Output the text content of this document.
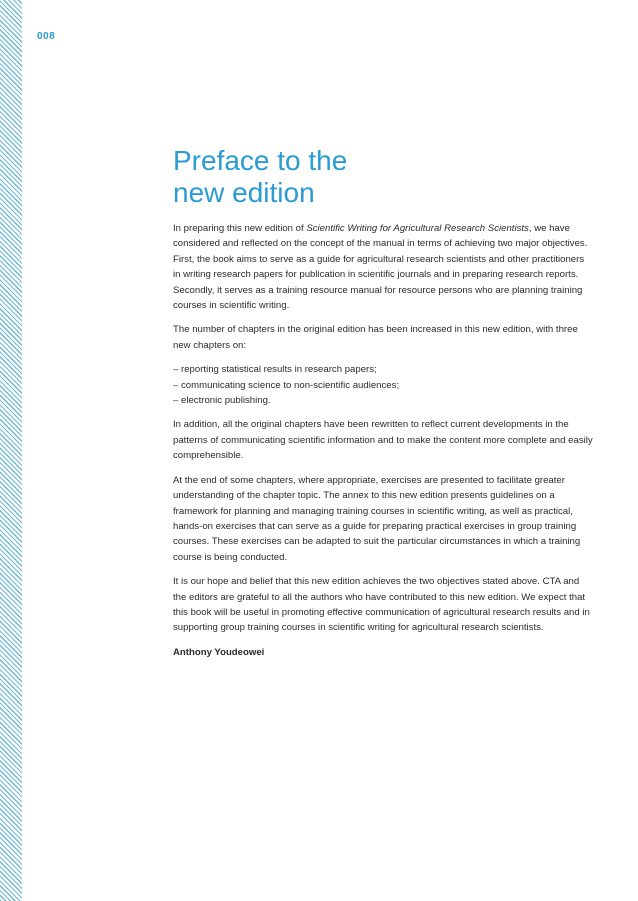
008
Preface to the
new edition

In preparing this new edition of Scientific Writing for Agricultural Research Scientists, we have considered and reflected on the concept of the manual in terms of achieving two major objectives. First, the book aims to serve as a guide for agricultural research scientists and other practitioners in writing research papers for publication in scientific journals and in preparing research reports. Secondly, it serves as a training resource manual for resource persons who are planning training courses in scientific writing.

The number of chapters in the original edition has been increased in this new edition, with three new chapters on:

– reporting statistical results in research papers;
– communicating science to non-scientific audiences;
– electronic publishing.

In addition, all the original chapters have been rewritten to reflect current developments in the patterns of communicating scientific information and to make the content more complete and easily comprehensible.

At the end of some chapters, where appropriate, exercises are presented to facilitate greater understanding of the chapter topic. The annex to this new edition presents guidelines on a framework for planning and managing training courses in scientific writing, as well as practical, hands-on exercises that can serve as a guide for preparing practical exercises in group training courses. These exercises can be adapted to suit the particular circumstances in which a training course is being conducted.

It is our hope and belief that this new edition achieves the two objectives stated above. CTA and the editors are grateful to all the authors who have contributed to this new edition. We expect that this book will be useful in promoting effective communication of agricultural research results and in supporting group training courses in scientific writing for agricultural research scientists.

Anthony Youdeowei
